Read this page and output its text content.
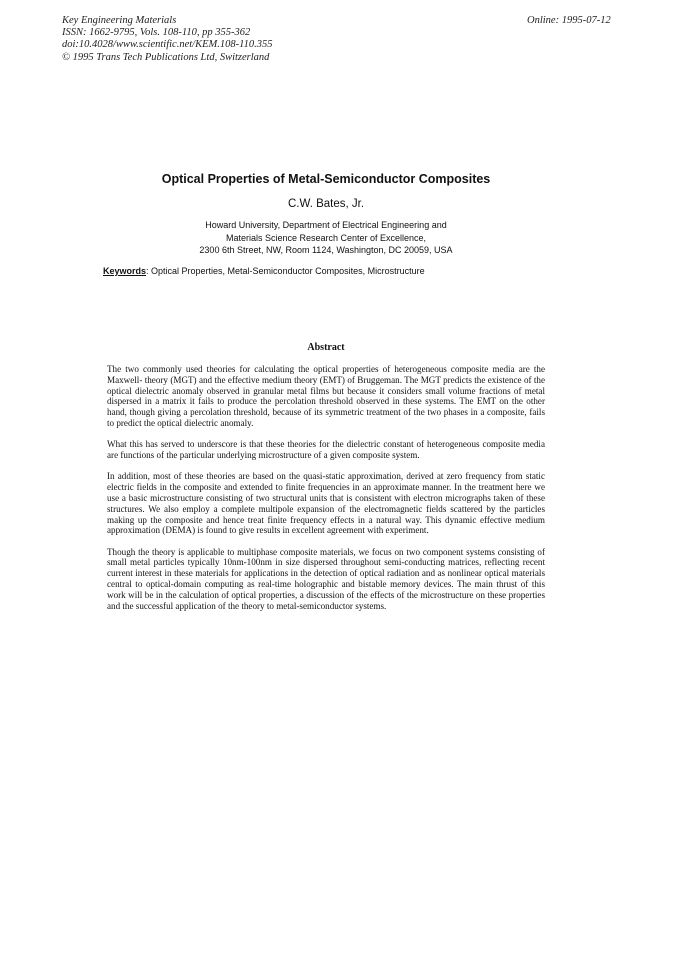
Key Engineering Materials
ISSN: 1662-9795, Vols. 108-110, pp 355-362
doi:10.4028/www.scientific.net/KEM.108-110.355
© 1995 Trans Tech Publications Ltd, Switzerland
Online: 1995-07-12
Optical Properties of Metal-Semiconductor Composites
C.W. Bates, Jr.
Howard University, Department of Electrical Engineering and
Materials Science Research Center of Excellence,
2300 6th Street, NW, Room 1124, Washington, DC 20059, USA
Keywords: Optical Properties, Metal-Semiconductor Composites, Microstructure
Abstract

The two commonly used theories for calculating the optical properties of heterogeneous composite media are the Maxwell- theory (MGT) and the effective medium theory (EMT) of Bruggeman. The MGT predicts the existence of the optical dielectric anomaly observed in granular metal films but because it considers small volume fractions of metal dispersed in a matrix it fails to produce the percolation threshold observed in these systems. The EMT on the other hand, though giving a percolation threshold, because of its symmetric treatment of the two phases in a composite, fails to predict the optical dielectric anomaly.

What this has served to underscore is that these theories for the dielectric constant of heterogeneous composite media are functions of the particular underlying microstructure of a given composite system.

In addition, most of these theories are based on the quasi-static approximation, derived at zero frequency from static electric fields in the composite and extended to finite frequencies in an approximate manner. In the treatment here we use a basic microstructure consisting of two structural units that is consistent with electron micrographs taken of these structures. We also employ a complete multipole expansion of the electromagnetic fields scattered by the particles making up the composite and hence treat finite frequency effects in a natural way. This dynamic effective medium approximation (DEMA) is found to give results in excellent agreement with experiment.

Though the theory is applicable to multiphase composite materials, we focus on two component systems consisting of small metal particles typically 10nm-100nm in size dispersed throughout semi-conducting matrices, reflecting recent current interest in these materials for applications in the detection of optical radiation and as nonlinear optical materials central to optical-domain computing as real-time holographic and bistable memory devices. The main thrust of this work will be in the calculation of optical properties, a discussion of the effects of the microstructure on these properties and the successful application of the theory to metal-semiconductor systems.
